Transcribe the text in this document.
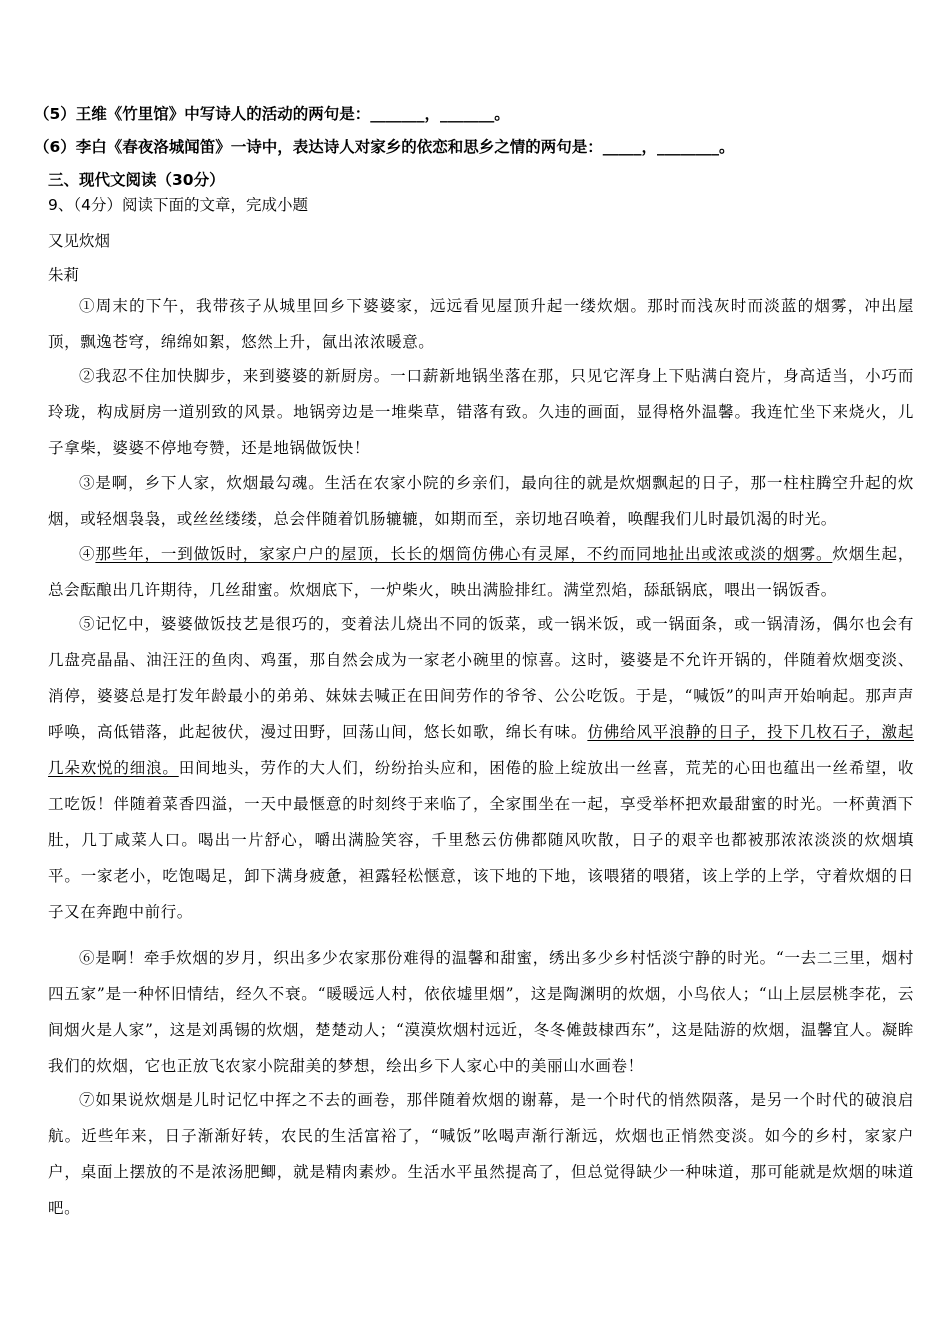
（5）王维《竹里馆》中写诗人的活动的两句是：_______，_______。
（6）李白《春夜洛城闻笛》一诗中，表达诗人对家乡的依恋和思乡之情的两句是：_____，________。
三、现代文阅读（30分）
9、（4分）阅读下面的文章，完成小题
又见炊烟
朱莉
①周末的下午，我带孩子从城里回乡下婆婆家，远远看见屋顶升起一缕炊烟。那时而浅灰时而淡蓝的烟雾，冲出屋顶，飘逸苍穹，绵绵如絮，悠然上升，氤出浓浓暖意。
②我忍不住加快脚步，来到婆婆的新厨房。一口薪新地锅坐落在那，只见它浑身上下贴满白瓷片，身高适当，小巧而玲珑，构成厨房一道别致的风景。地锅旁边是一堆柴草，错落有致。久违的画面，显得格外温馨。我连忙坐下来烧火，儿子拿柴，婆婆不停地夸赞，还是地锅做饭快！
③是啊，乡下人家，炊烟最勾魂。生活在农家小院的乡亲们，最向往的就是炊烟飘起的日子，那一柱柱腾空升起的炊烟，或轻烟袅袅，或丝丝缕缕，总会伴随着饥肠辘辘，如期而至，亲切地召唤着，唤醒我们儿时最饥渴的时光。
④那些年，一到做饭时，家家户户的屋顶，长长的烟筒仿佛心有灵犀，不约而同地扯出或浓或淡的烟雾。炊烟生起，总会酝酿出几许期待，几丝甜蜜。炊烟底下，一炉柴火，映出满脸排红。满堂烈焰，舔舐锅底，喂出一锅饭香。
⑤记忆中，婆婆做饭技艺是很巧的，变着法儿烧出不同的饭菜，或一锅米饭，或一锅面条，或一锅清汤，偶尔也会有几盘亮晶晶、油汪汪的鱼肉、鸡蛋，那自然会成为一家老小碗里的惊喜。这时，婆婆是不允许开锅的，伴随着炊烟变淡、消停，婆婆总是打发年龄最小的弟弟、妹妹去喊正在田间劳作的爷爷、公公吃饭。于是，“喊饭”的叫声开始响起。那声声呼唤，高低错落，此起彼伏，漫过田野，回荡山间，悠长如歌，绵长有味。仿佛给风平浪静的日子，投下几枚石子，激起几朵欢悦的细浪。田间地头，劳作的大人们，纷纷抬头应和，困倦的脸上绽放出一丝喜，荒芜的心田也蕴出一丝希望，收工吃饭！伴随着菜香四溢，一天中最惬意的时刻终于来临了，全家围坐在一起，享受举杯把欢最甜蜜的时光。一杯黄酒下肚，几丁咸菜人口。喝出一片舒心，嚼出满脸笑容，千里愁云仿佛都随风吹散，日子的艰辛也都被那浓浓淡淡的炊烟填平。一家老小，吃饱喝足，卸下满身疲惫，袒露轻松惬意，该下地的下地，该喂猪的喂猪，该上学的上学，守着炊烟的日子又在奔跑中前行。
⑥是啊！牵手炊烟的岁月，织出多少农家那份难得的温馨和甜蜜，绣出多少乡村恬淡宁静的时光。“一去二三里，烟村四五家”是一种怀旧情结，经久不衰。“暖暖远人村，依依墟里烟”，这是陶渊明的炊烟，小鸟依人；“山上层层桃李花，云间烟火是人家”，这是刘禹锡的炊烟，楚楚动人；“漠漠炊烟村远近，冬冬傩鼓棣西东”，这是陆游的炊烟，温馨宜人。凝眸我们的炊烟，它也正放飞农家小院甜美的梦想，绘出乡下人家心中的美丽山水画卷！
⑦如果说炊烟是儿时记忆中挥之不去的画卷，那伴随着炊烟的谢幕，是一个时代的悄然陨落，是另一个时代的破浪启航。近些年来，日子渐渐好转，农民的生活富裕了，“喊饭”吆喝声渐行渐远，炊烟也正悄然变淡。如今的乡村，家家户户，桌面上摆放的不是浓汤肥鲫，就是精肉素炒。生活水平虽然提高了，但总觉得缺少一种味道，那可能就是炊烟的味道吧。
